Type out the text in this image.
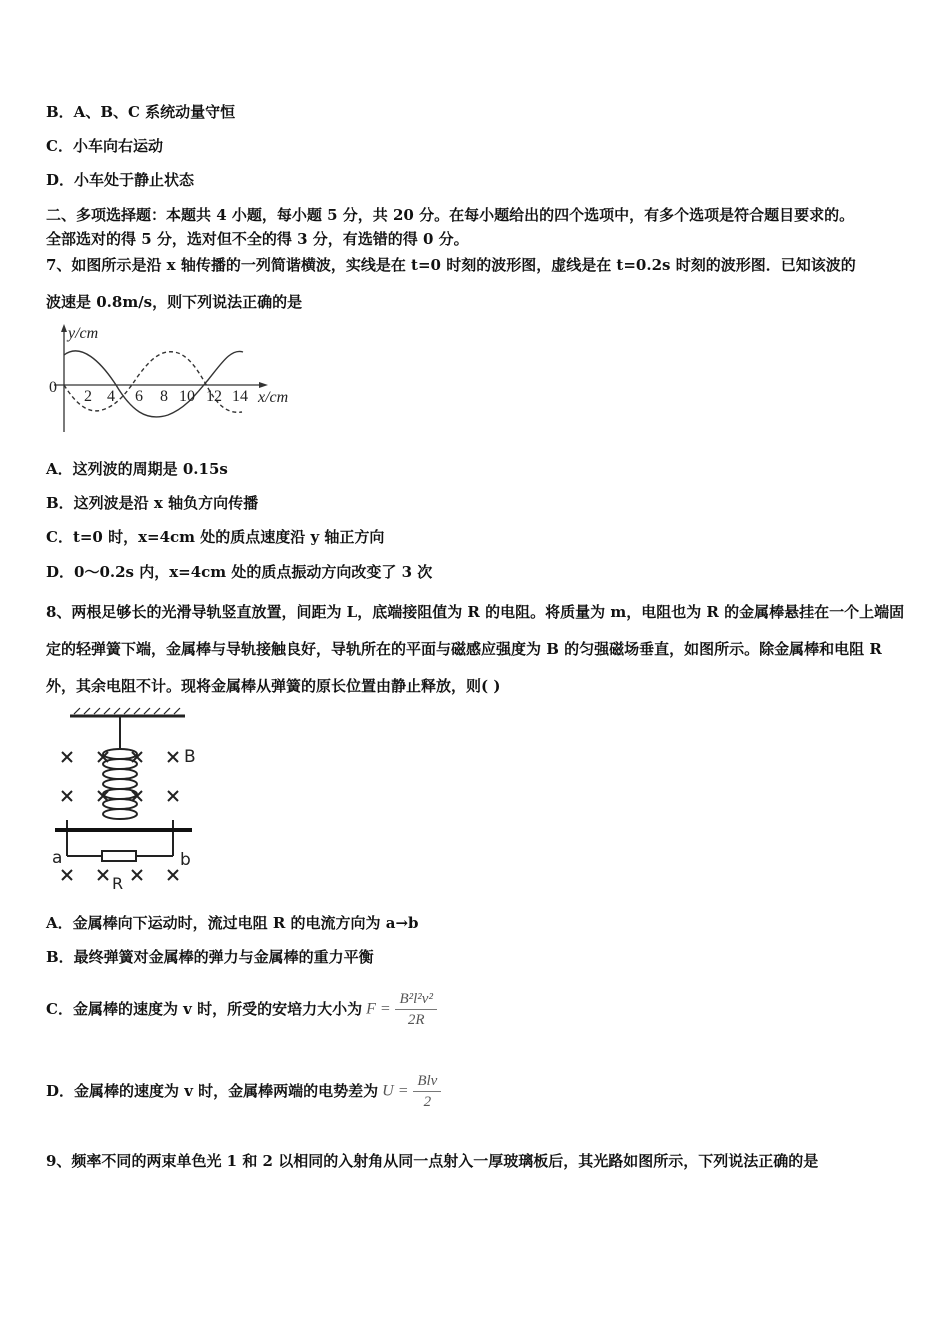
B．A、B、C 系统动量守恒
C．小车向右运动
D．小车处于静止状态
二、多项选择题：本题共 4 小题，每小题 5 分，共 20 分。在每小题给出的四个选项中，有多个选项是符合题目要求的。
全部选对的得 5 分，选对但不全的得 3 分，有选错的得 0 分。
7、如图所示是沿 x 轴传播的一列简谐横波，实线是在 t=0 时刻的波形图，虚线是在 t=0.2s 时刻的波形图．已知该波的
波速是 0.8m/s，则下列说法正确的是
y/cm
0
2 4 6 8 10 12 14 x/cm
A．这列波的周期是 0.15s
B．这列波是沿 x 轴负方向传播
C．t=0 时，x=4cm 处的质点速度沿 y 轴正方向
D．0～0.2s 内，x=4cm 处的质点振动方向改变了 3 次
8、两根足够长的光滑导轨竖直放置，间距为 L，底端接阻值为 R 的电阻。将质量为 m，电阻也为 R 的金属棒悬挂在一个上端固定的轻弹簧下端，金属棒与导轨接触良好，导轨所在的平面与磁感应强度为 B 的匀强磁场垂直，如图所示。除金属棒和电阻 R 外，其余电阻不计。现将金属棒从弹簧的原长位置由静止释放，则( )
B
a	b
R
A．金属棒向下运动时，流过电阻 R 的电流方向为 a→b
B．最终弹簧对金属棒的弹力与金属棒的重力平衡
C．金属棒的速度为 v 时，所受的安培力大小为 $F = \frac{\text{B²l²v²}}{2R}$
D．金属棒的速度为 v 时，金属棒两端的电势差为 $U = \frac{\text{Blv}}{2}$
9、频率不同的两束单色光 1 和 2 以相同的入射角从同一点射入一厚玻璃板后，其光路如图所示，下列说法正确的是
